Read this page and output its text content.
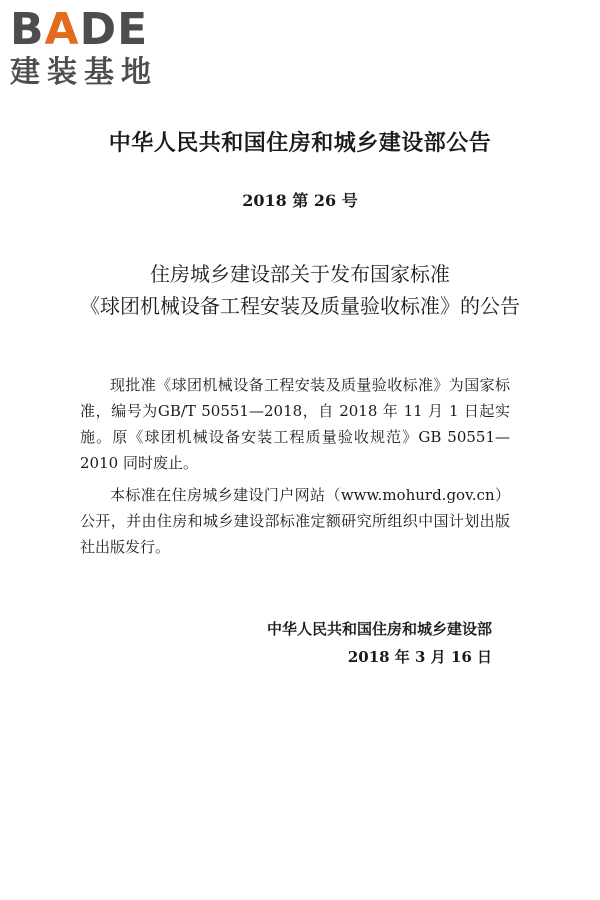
BADE
建装基地
中华人民共和国住房和城乡建设部公告
2018 第 26 号
住房城乡建设部关于发布国家标准
《球团机械设备工程安装及质量验收标准》的公告

现批准《球团机械设备工程安装及质量验收标准》为国家标准，编号为GB/T 50551—2018，自 2018 年 11 月 1 日起实施。原《球团机械设备安装工程质量验收规范》GB 50551—2010 同时废止。

本标准在住房城乡建设门户网站（www.mohurd.gov.cn）公开，并由住房和城乡建设部标准定额研究所组织中国计划出版社出版发行。

中华人民共和国住房和城乡建设部
2018 年 3 月 16 日
